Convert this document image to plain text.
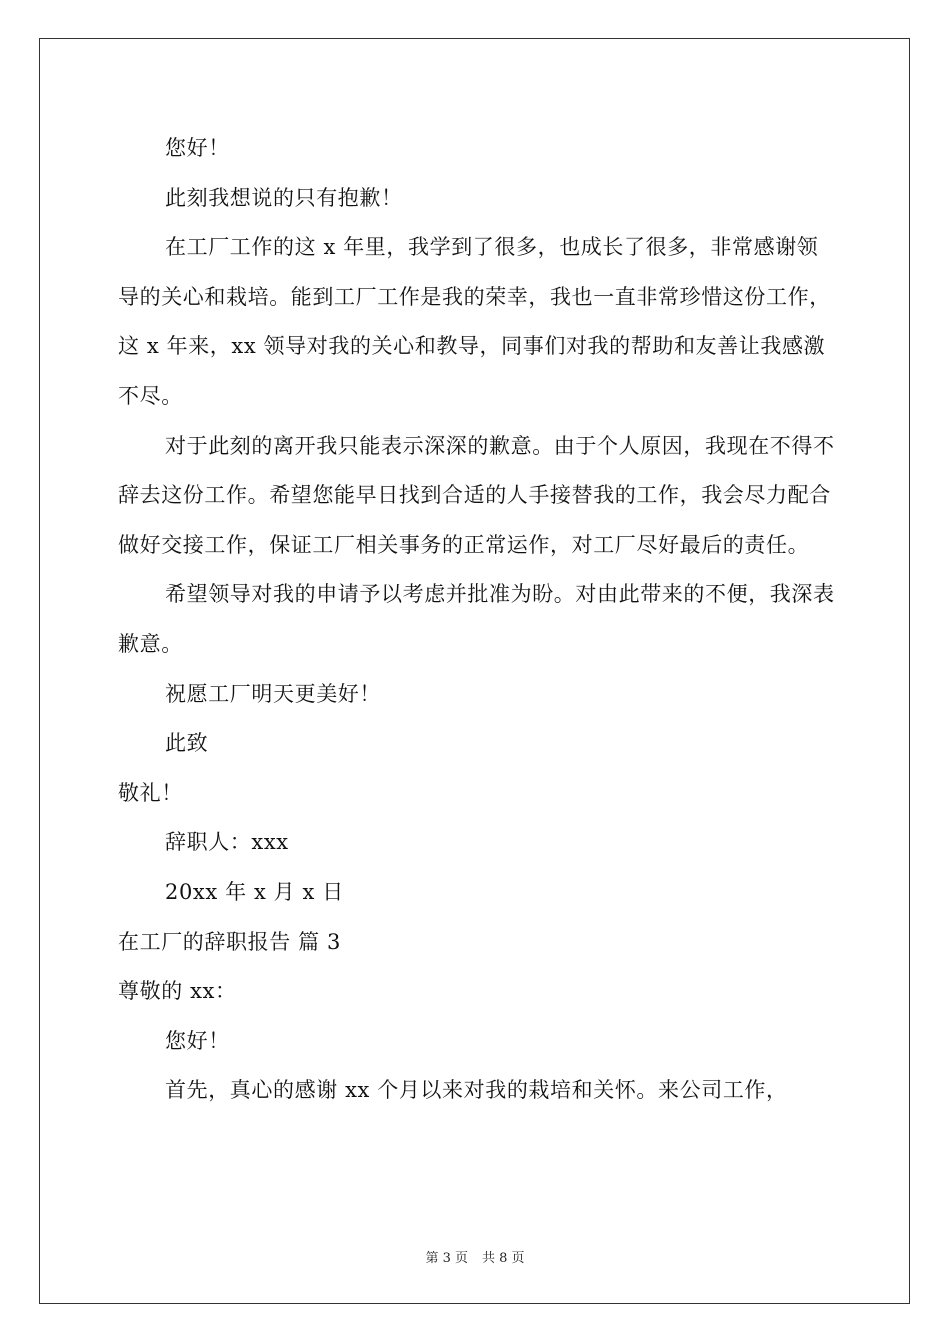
您好！

此刻我想说的只有抱歉！

在工厂工作的这 x 年里，我学到了很多，也成长了很多，非常感谢领导的关心和栽培。能到工厂工作是我的荣幸，我也一直非常珍惜这份工作，这 x 年来，xx 领导对我的关心和教导，同事们对我的帮助和友善让我感激不尽。

对于此刻的离开我只能表示深深的歉意。由于个人原因，我现在不得不辞去这份工作。希望您能早日找到合适的人手接替我的工作，我会尽力配合做好交接工作，保证工厂相关事务的正常运作，对工厂尽好最后的责任。

希望领导对我的申请予以考虑并批准为盼。对由此带来的不便，我深表歉意。

祝愿工厂明天更美好！

此致

敬礼！

辞职人：xxx

20xx 年 x 月 x 日

在工厂的辞职报告 篇 3

尊敬的 xx：

您好！

首先，真心的感谢 xx 个月以来对我的栽培和关怀。来公司工作，

第 3 页 共 8 页
